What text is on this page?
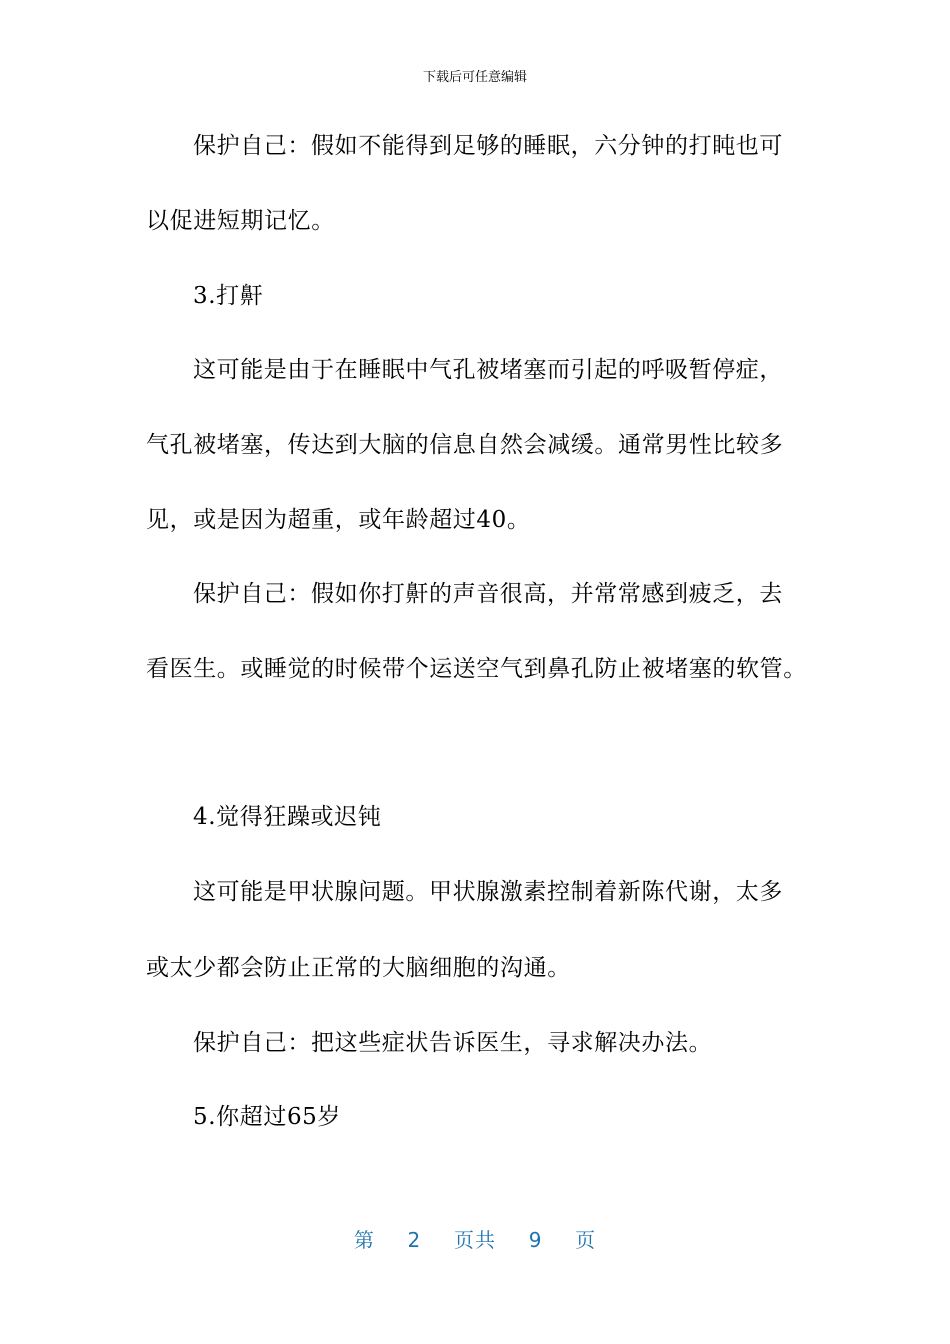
下载后可任意编辑
保护自己：假如不能得到足够的睡眠，六分钟的打盹也可
以促进短期记忆。
3.打鼾
这可能是由于在睡眠中气孔被堵塞而引起的呼吸暂停症，
气孔被堵塞，传达到大脑的信息自然会减缓。通常男性比较多
见，或是因为超重，或年龄超过40。
保护自己：假如你打鼾的声音很高，并常常感到疲乏，去
看医生。或睡觉的时候带个运送空气到鼻孔防止被堵塞的软管。
4.觉得狂躁或迟钝
这可能是甲状腺问题。甲状腺激素控制着新陈代谢，太多
或太少都会防止正常的大脑细胞的沟通。
保护自己：把这些症状告诉医生，寻求解决办法。
5.你超过65岁
第 2 页共 9 页
